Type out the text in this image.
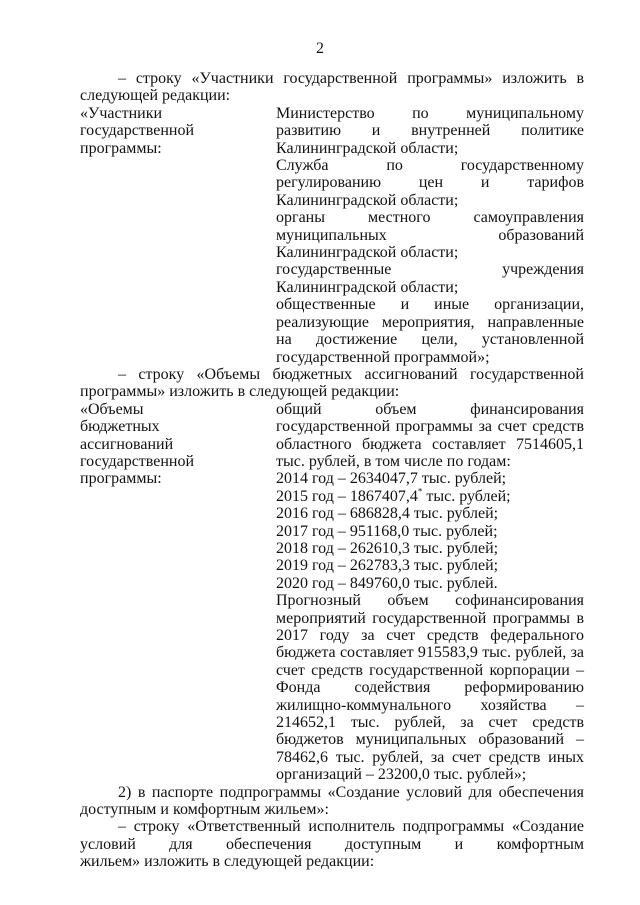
2

– строку «Участники государственной программы» изложить в

следующей редакции:

«Участники государственной
программы:

Министерство по муниципальному развитию и внутренней политике Калининградской области;

Служба по государственному регулированию цен и тарифов Калининградской области;

органы местного самоуправления муниципальных образований Калининградской области;

государственные учреждения Калининградской области;

общественные и иные организации, реализующие мероприятия, направленные на достижение цели, установленной государственной программой»;

– строку «Объемы бюджетных ассигнований государственной

программы» изложить в следующей редакции:

«Объемы
бюджетных
ассигнований
государственной
программы:

общий объем финансирования государственной программы за счет средств областного бюджета составляет 7514605,1 тыс. рублей, в том числе по годам:

2014 год – 2634047,7 тыс. рублей;
2015 год – 1867407,4* тыс. рублей;
2016 год – 686828,4 тыс. рублей;
2017 год – 951168,0 тыс. рублей;
2018 год – 262610,3 тыс. рублей;
2019 год – 262783,3 тыс. рублей;
2020 год – 849760,0 тыс. рублей.

Прогнозный объем софинансирования мероприятий государственной программы в 2017 году за счет средств федерального бюджета составляет 915583,9 тыс. рублей, за счет средств государственной корпорации – Фонда содействия реформированию жилищно-коммунального хозяйства – 214652,1 тыс. рублей, за счет средств бюджетов муниципальных образований – 78462,6 тыс. рублей, за счет средств иных организаций – 23200,0 тыс. рублей»;

2) в паспорте подпрограммы «Создание условий для обеспечения

доступным и комфортным жильем»:

– строку «Ответственный исполнитель подпрограммы «Создание

условий для обеспечения доступным и комфортным

жильем» изложить в следующей редакции:
